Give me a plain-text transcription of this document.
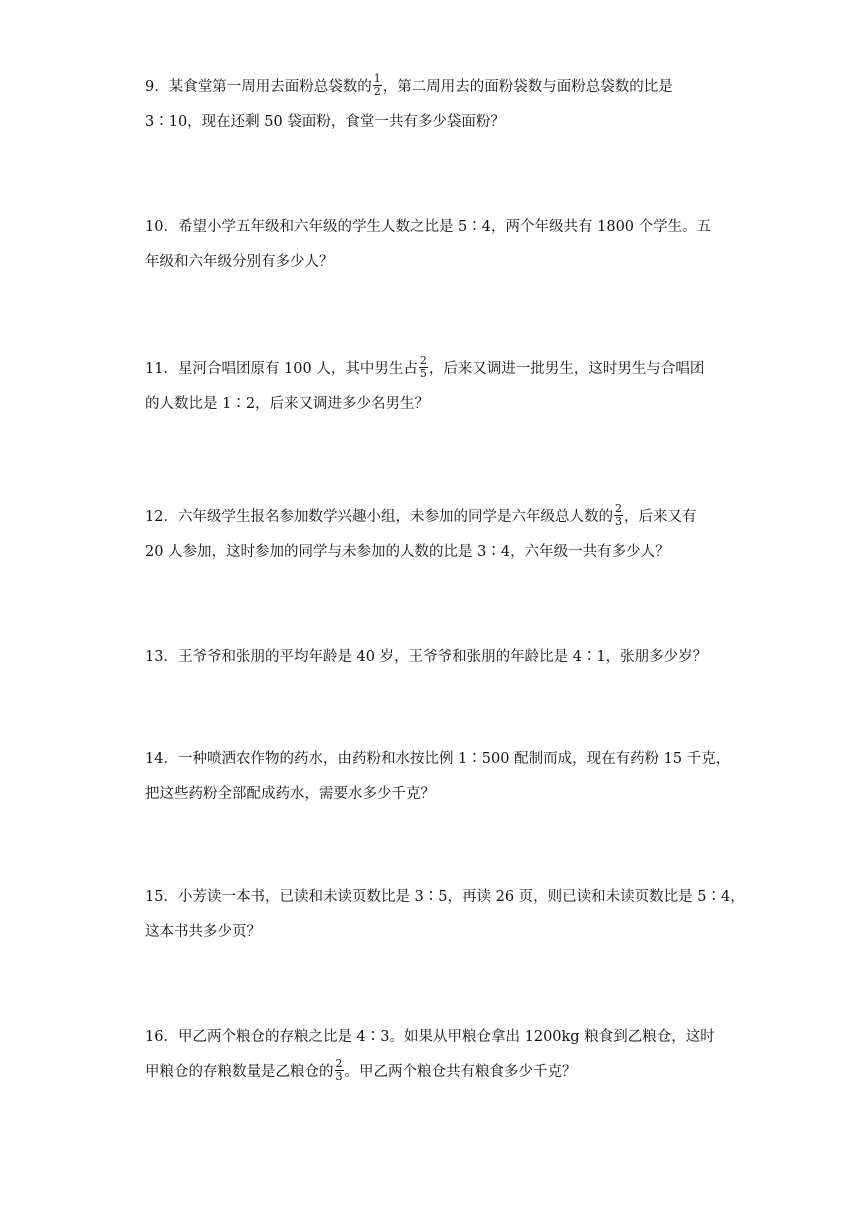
9．某食堂第一周用去面粉总袋数的 $\frac{1}{2}$ ，第二周用去的面粉袋数与面粉总袋数的比是
3∶10，现在还剩 50 袋面粉，食堂一共有多少袋面粉？
10．希望小学五年级和六年级的学生人数之比是 5∶4，两个年级共有 1800 个学生。五
年级和六年级分别有多少人？
11．星河合唱团原有 100 人，其中男生占 $\frac{2}{5}$ ，后来又调进一批男生，这时男生与合唱团
的人数比是 1∶2，后来又调进多少名男生？
12．六年级学生报名参加数学兴趣小组，未参加的同学是六年级总人数的 $\frac{2}{3}$ ，后来又有
20 人参加，这时参加的同学与未参加的人数的比是 3∶4，六年级一共有多少人？
13．王爷爷和张朋的平均年龄是 40 岁，王爷爷和张朋的年龄比是 4∶1，张朋多少岁？
14．一种喷洒农作物的药水，由药粉和水按比例 1∶500 配制而成，现在有药粉 15 千克，
把这些药粉全部配成药水，需要水多少千克？
15．小芳读一本书，已读和未读页数比是 3∶5，再读 26 页，则已读和未读页数比是 5∶4，
这本书共多少页？
16．甲乙两个粮仓的存粮之比是 4∶3。如果从甲粮仓拿出 1200kg 粮食到乙粮仓，这时
甲粮仓的存粮数量是乙粮仓的 $\frac{2}{3}$ 。甲乙两个粮仓共有粮食多少千克？
